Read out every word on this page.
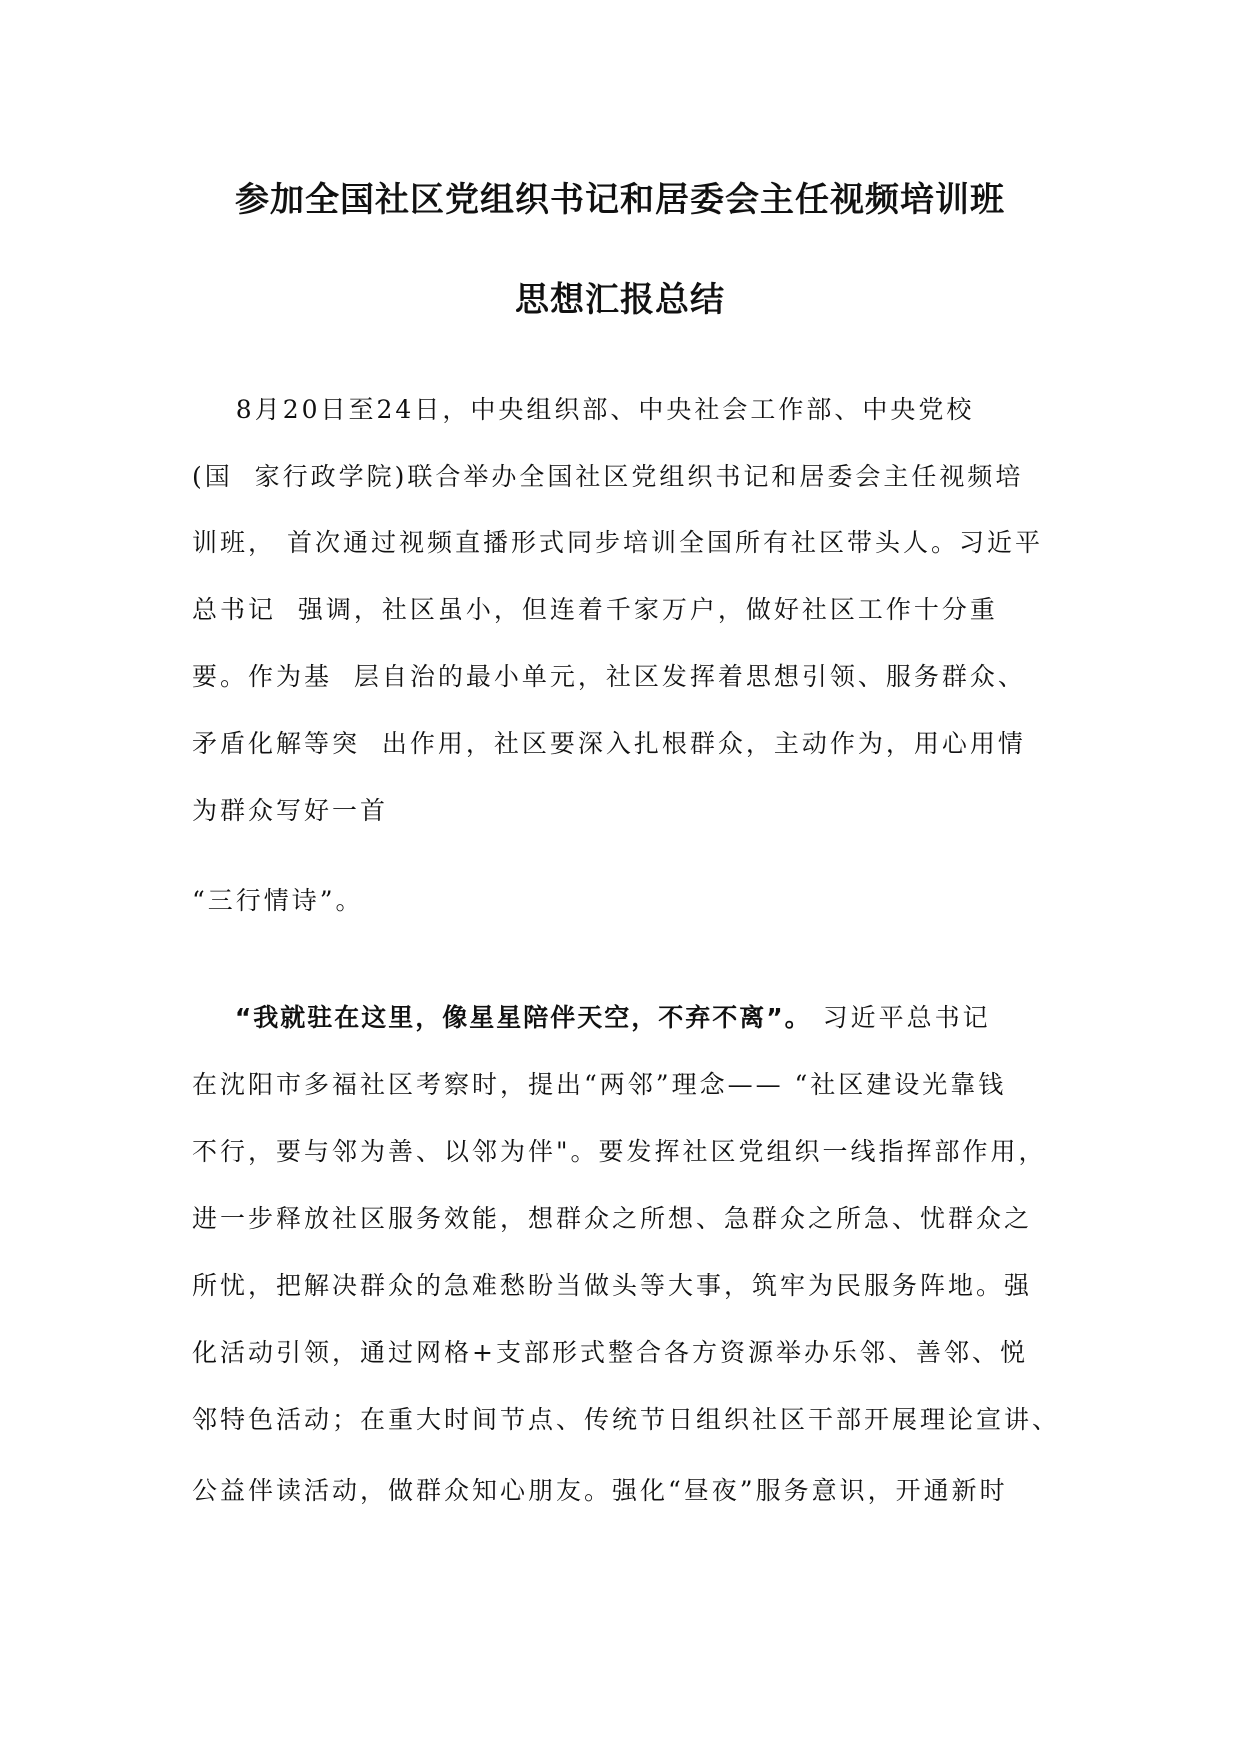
参加全国社区党组织书记和居委会主任视频培训班
思想汇报总结
8月20日至24日，中央组织部、中央社会工作部、中央党校
(国  家行政学院)联合举办全国社区党组织书记和居委会主任视频培
训班， 首次通过视频直播形式同步培训全国所有社区带头人。习近平
总书记  强调，社区虽小，但连着千家万户，做好社区工作十分重
要。作为基  层自治的最小单元，社区发挥着思想引领、服务群众、
矛盾化解等突  出作用，社区要深入扎根群众，主动作为，用心用情
为群众写好一首
“三行情诗”。
“我就驻在这里，像星星陪伴天空，不弃不离”。 习近平总书记
在沈阳市多福社区考察时，提出“两邻”理念—— “社区建设光靠钱
不行，要与邻为善、以邻为伴"。要发挥社区党组织一线指挥部作用，
进一步释放社区服务效能，想群众之所想、急群众之所急、忧群众之
所忧，把解决群众的急难愁盼当做头等大事，筑牢为民服务阵地。强
化活动引领，通过网格+支部形式整合各方资源举办乐邻、善邻、悦
邻特色活动；在重大时间节点、传统节日组织社区干部开展理论宣讲、
公益伴读活动，做群众知心朋友。强化“昼夜”服务意识，开通新时
